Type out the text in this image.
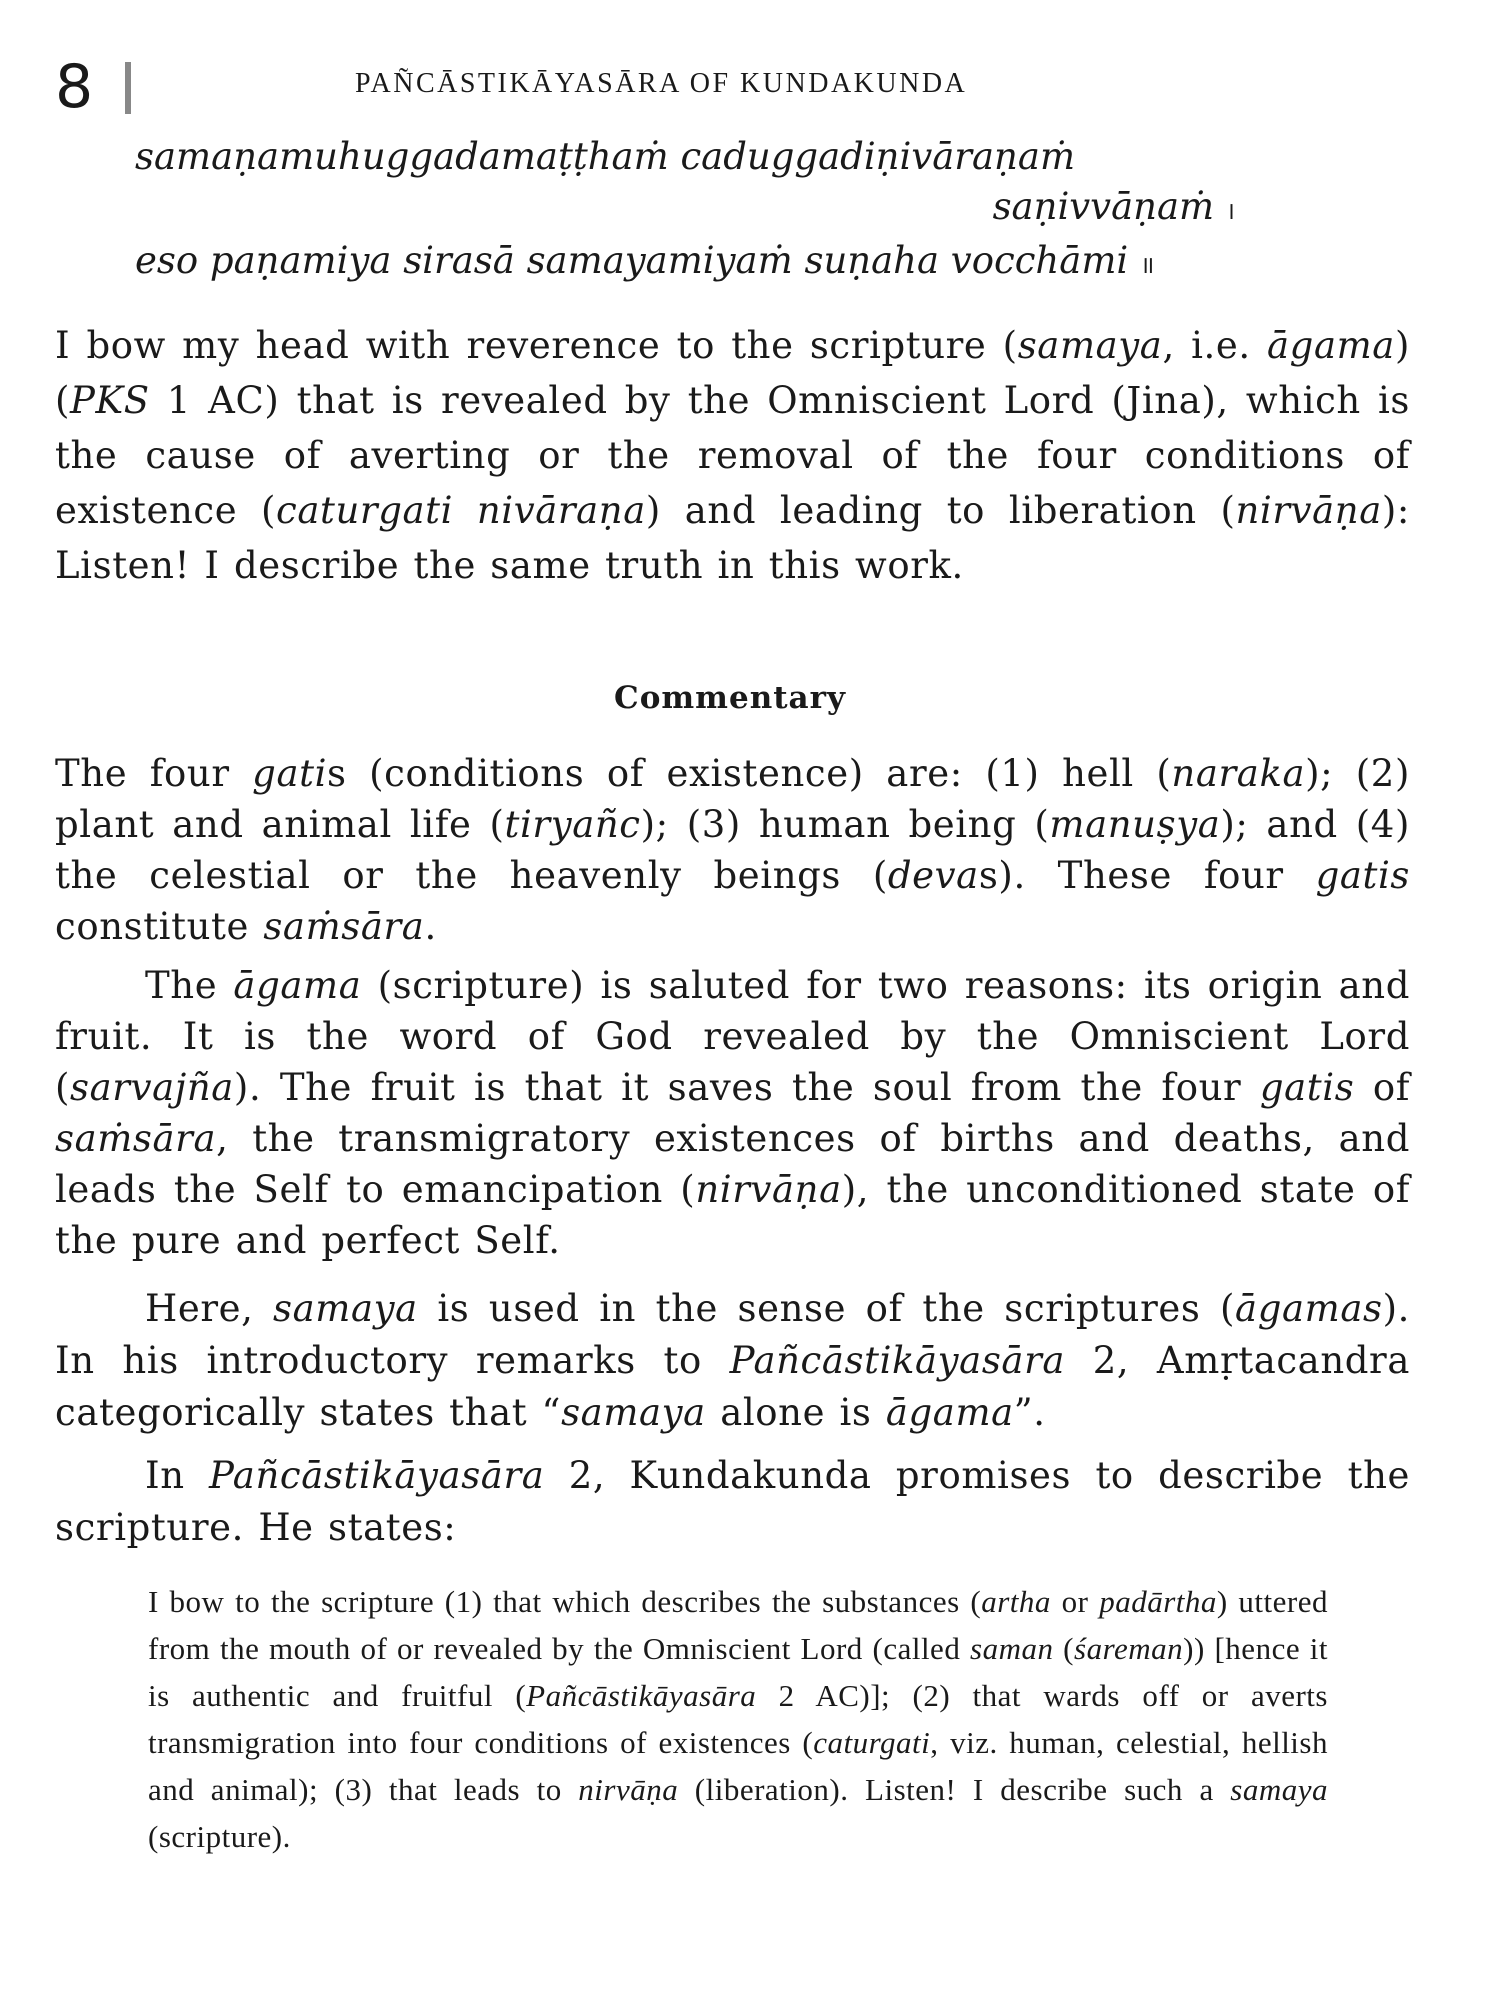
8	PAÑCĀSTIKĀYASĀRA OF KUNDAKUNDA
samaṇamuhuggadamaṭṭhaṁ caduggadiṇivāraṇaṁ
saṇivvāṇaṁ ।
eso paṇamiya sirasā samayamiyaṁ suṇaha vocchāmi ॥
I bow my head with reverence to the scripture (samaya, i.e. āgama) (PKS 1 AC) that is revealed by the Omniscient Lord (Jina), which is the cause of averting or the removal of the four conditions of existence (caturgati nivāraṇa) and leading to liberation (nirvāṇa): Listen! I describe the same truth in this work.
Commentary
The four gatis (conditions of existence) are: (1) hell (naraka); (2) plant and animal life (tiryañc); (3) human being (manuṣya); and (4) the celestial or the heavenly beings (devas). These four gatis constitute saṁsāra.
The āgama (scripture) is saluted for two reasons: its origin and fruit. It is the word of God revealed by the Omniscient Lord (sarvajña). The fruit is that it saves the soul from the four gatis of saṁsāra, the transmigratory existences of births and deaths, and leads the Self to emancipation (nirvāṇa), the unconditioned state of the pure and perfect Self.
Here, samaya is used in the sense of the scriptures (āgamas). In his introductory remarks to Pañcāstikāyasāra 2, Amṛtacandra categorically states that “samaya alone is āgama”.
In Pañcāstikāyasāra 2, Kundakunda promises to describe the scripture. He states:
I bow to the scripture (1) that which describes the substances (artha or padārtha) uttered from the mouth of or revealed by the Omniscient Lord (called saman (śareman)) [hence it is authentic and fruitful (Pañcāstikāyasāra 2 AC)]; (2) that wards off or averts transmigration into four conditions of existences (caturgati, viz. human, celestial, hellish and animal); (3) that leads to nirvāṇa (liberation). Listen! I describe such a samaya (scripture).
